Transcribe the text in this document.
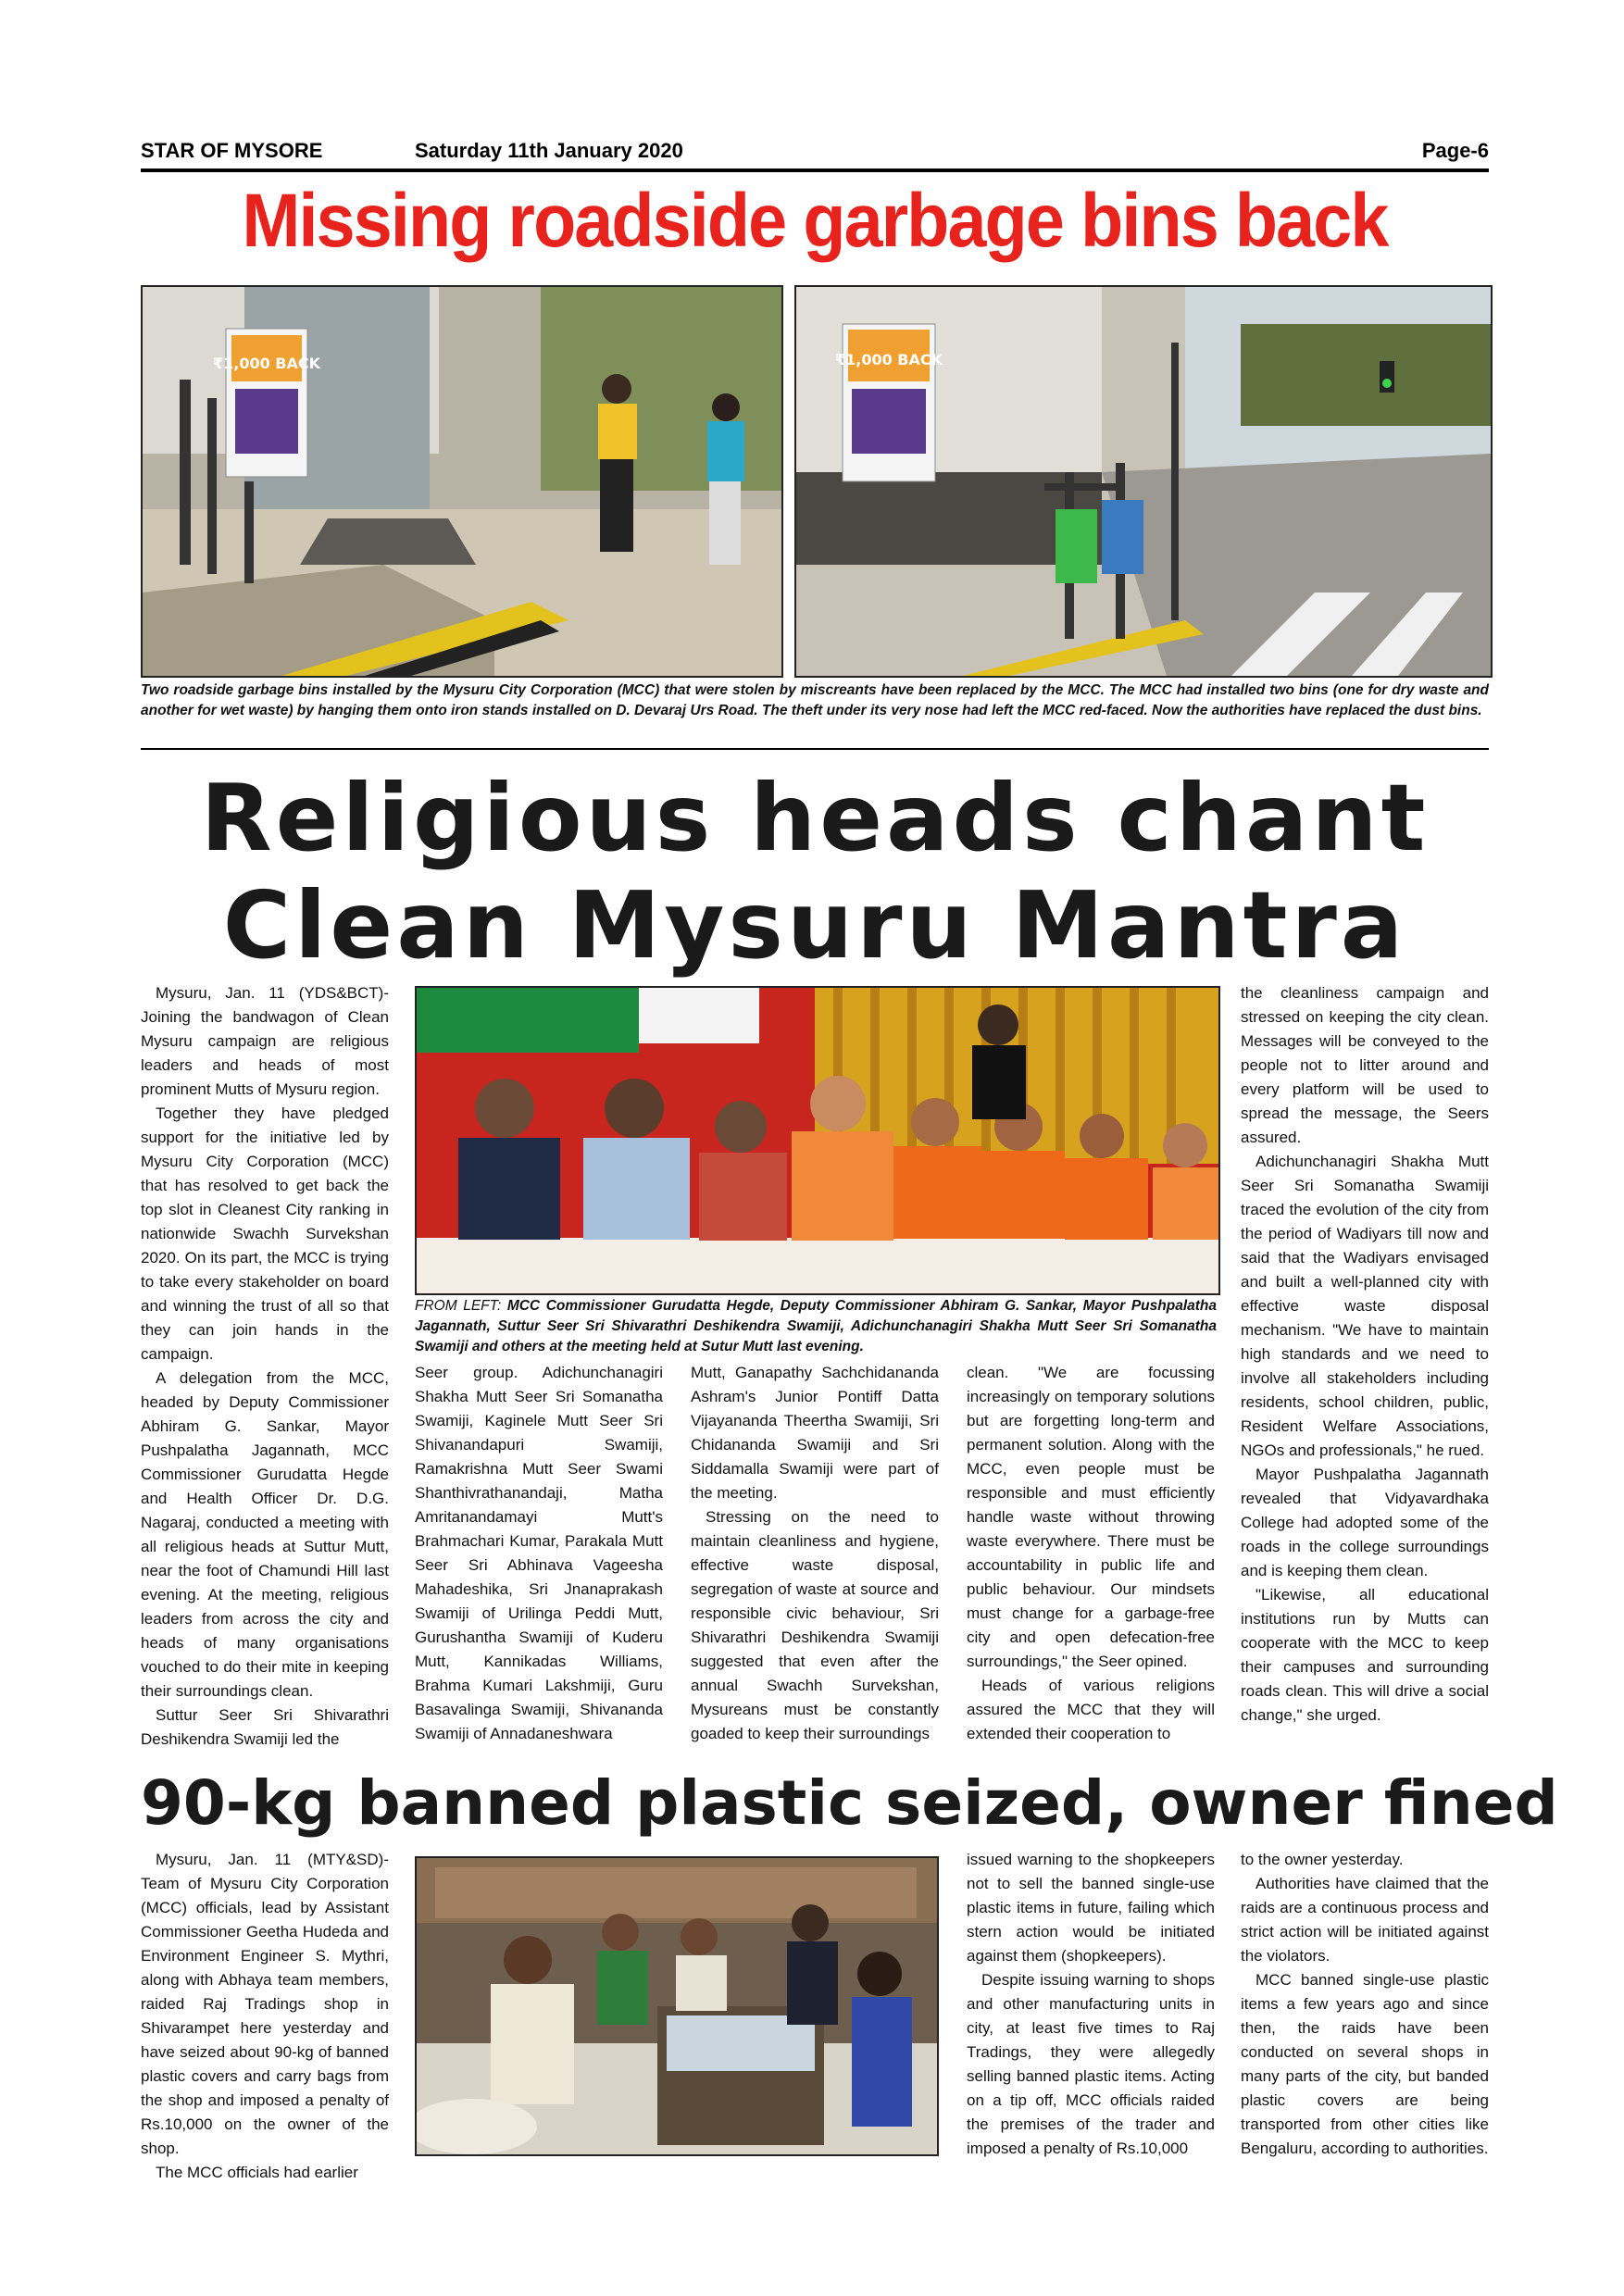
STAR OF MYSORE	Saturday 11th January 2020	Page-6
Missing roadside garbage bins back
₹1,000 BACK	₹1,000 BACK
Two roadside garbage bins installed by the Mysuru City Corporation (MCC) that were stolen by miscreants have been replaced by the MCC. The MCC had installed two bins (one for dry waste and another for wet waste) by hanging them onto iron stands installed on D. Devaraj Urs Road. The theft under its very nose had left the MCC red-faced. Now the authorities have replaced the dust bins.
Religious heads chant
Clean Mysuru Mantra

Mysuru, Jan. 11 (YDS&BCT)- Joining the bandwagon of Clean Mysuru campaign are religious leaders and heads of most prominent Mutts of Mysuru region.

Together they have pledged support for the initiative led by Mysuru City Corporation (MCC) that has resolved to get back the top slot in Cleanest City ranking in nationwide Swachh Survekshan 2020. On its part, the MCC is trying to take every stakeholder on board and winning the trust of all so that they can join hands in the campaign.

A delegation from the MCC, headed by Deputy Commissioner Abhiram G. Sankar, Mayor Pushpalatha Jagannath, MCC Commissioner Gurudatta Hegde and Health Officer Dr. D.G. Nagaraj, conducted a meeting with all religious heads at Suttur Mutt, near the foot of Chamundi Hill last evening. At the meeting, religious leaders from across the city and heads of many organisations vouched to do their mite in keeping their surroundings clean.

Suttur Seer Sri Shivarathri Deshikendra Swamiji led the

FROM LEFT: MCC Commissioner Gurudatta Hegde, Deputy Commissioner Abhiram G. Sankar, Mayor Pushpalatha Jagannath, Suttur Seer Sri Shivarathri Deshikendra Swamiji, Adichunchanagiri Shakha Mutt Seer Sri Somanatha Swamiji and others at the meeting held at Sutur Mutt last evening.

Seer group. Adichunchanagiri Shakha Mutt Seer Sri Somanatha Swamiji, Kaginele Mutt Seer Sri Shivanandapuri Swamiji, Ramakrishna Mutt Seer Swami Shanthivrathanandaji, Matha Amritanandamayi Mutt's Brahmachari Kumar, Parakala Mutt Seer Sri Abhinava Vageesha Mahadeshika, Sri Jnanaprakash Swamiji of Urilinga Peddi Mutt, Gurushantha Swamiji of Kuderu Mutt, Kannikadas Williams, Brahma Kumari Lakshmiji, Guru Basavalinga Swamiji, Shivananda Swamiji of Annadaneshwara

Mutt, Ganapathy Sachchidananda Ashram's Junior Pontiff Datta Vijayananda Theertha Swamiji, Sri Chidananda Swamiji and Sri Siddamalla Swamiji were part of the meeting.

Stressing on the need to maintain cleanliness and hygiene, effective waste disposal, segregation of waste at source and responsible civic behaviour, Sri Shivarathri Deshikendra Swamiji suggested that even after the annual Swachh Survekshan, Mysureans must be constantly goaded to keep their surroundings

clean. "We are focussing increasingly on temporary solutions but are forgetting long-term and permanent solution. Along with the MCC, even people must be responsible and must efficiently handle waste without throwing waste everywhere. There must be accountability in public life and public behaviour. Our mindsets must change for a garbage-free city and open defecation-free surroundings," the Seer opined.

Heads of various religions assured the MCC that they will extended their cooperation to

the cleanliness campaign and stressed on keeping the city clean. Messages will be conveyed to the people not to litter around and every platform will be used to spread the message, the Seers assured.

Adichunchanagiri Shakha Mutt Seer Sri Somanatha Swamiji traced the evolution of the city from the period of Wadiyars till now and said that the Wadiyars envisaged and built a well-planned city with effective waste disposal mechanism. "We have to maintain high standards and we need to involve all stakeholders including residents, school children, public, Resident Welfare Associations, NGOs and professionals," he rued.

Mayor Pushpalatha Jagannath revealed that Vidyavardhaka College had adopted some of the roads in the college surroundings and is keeping them clean.

"Likewise, all educational institutions run by Mutts can cooperate with the MCC to keep their campuses and surrounding roads clean. This will drive a social change," she urged.

90-kg banned plastic seized, owner fined

Mysuru, Jan. 11 (MTY&SD)- Team of Mysuru City Corporation (MCC) officials, lead by Assistant Commissioner Geetha Hudeda and Environment Engineer S. Mythri, along with Abhaya team members, raided Raj Tradings shop in Shivarampet here yesterday and have seized about 90-kg of banned plastic covers and carry bags from the shop and imposed a penalty of Rs.10,000 on the owner of the shop.

The MCC officials had earlier

issued warning to the shopkeepers not to sell the banned single-use plastic items in future, failing which stern action would be initiated against them (shopkeepers).

Despite issuing warning to shops and other manufacturing units in city, at least five times to Raj Tradings, they were allegedly selling banned plastic items. Acting on a tip off, MCC officials raided the premises of the trader and imposed a penalty of Rs.10,000

to the owner yesterday.

Authorities have claimed that the raids are a continuous process and strict action will be initiated against the violators.

MCC banned single-use plastic items a few years ago and since then, the raids have been conducted on several shops in many parts of the city, but banded plastic covers are being transported from other cities like Bengaluru, according to authorities.
